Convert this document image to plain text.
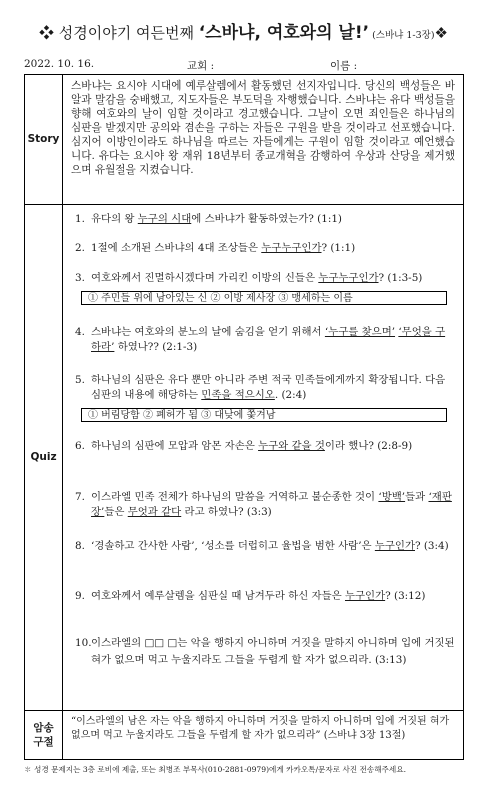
❖ 성경이야기 여든번째 ‘스바냐, 여호와의 날!’ (스바냐 1-3장)❖
2022. 10. 16.	교회 :	이름 :
Story
스바냐는 요시야 시대에 예루살렘에서 활동했던 선지자입니다. 당신의 백성들은 바알과 말감을 숭배했고, 지도자들은 부도덕을 자행했습니다. 스바냐는 유다 백성들을 향해 여호와의 날이 임할 것이라고 경고했습니다. 그날이 오면 죄인들은 하나님의 심판을 받겠지만 공의와 겸손을 구하는 자들은 구원을 받을 것이라고 선포했습니다. 심지어 이방인이라도 하나님을 따르는 자들에게는 구원이 임할 것이라고 예언했습니다. 유다는 요시야 왕 재위 18년부터 종교개혁을 감행하여 우상과 산당을 제거했으며 유월절을 지켰습니다.
Quiz
1. 유다의 왕 누구의 시대에 스바냐가 활동하였는가? (1:1)
2. 1절에 소개된 스바냐의 4대 조상들은 누구누구인가? (1:1)
3. 여호와께서 진멸하시겠다며 가리킨 이방의 신들은 누구누구인가? (1:3-5)
① 주민들 위에 남아있는 신 ② 이방 제사장 ③ 맹세하는 이름
4. 스바냐는 여호와의 분노의 날에 숨김을 얻기 위해서 ‘누구를 찾으며’ ‘무엇을 구하라’ 하였나?? (2:1-3)
5. 하나님의 심판은 유다 뿐만 아니라 주변 적국 민족들에게까지 확장됩니다. 다음 심판의 내용에 해당하는 민족을 적으시오. (2:4)
① 버림당함 ② 폐허가 됨 ③ 대낮에 쫓겨남
6. 하나님의 심판에 모압과 암몬 자손은 누구와 같을 것이라 했나? (2:8-9)
7. 이스라엘 민족 전체가 하나님의 말씀을 거역하고 불순종한 것이 ‘방백’들과 ‘재판장’들은 무엇과 같다 라고 하였나? (3:3)
8. ‘경솔하고 간사한 사람’, ‘성소를 더럽히고 율법을 범한 사람’은 누구인가? (3:4)
9. 여호와께서 예루살렘을 심판실 때 남겨두라 하신 자들은 누구인가? (3:12)
10. 이스라엘의 □□ □는 악을 행하지 아니하며 거짓을 말하지 아니하며 입에 거짓된 혀가 없으며 먹고 누울지라도 그들을 두렵게 할 자가 없으리라. (3:13)
암송
구절
“이스라엘의 남은 자는 악을 행하지 아니하며 거짓을 말하지 아니하며 입에 거짓된 혀가 없으며 먹고 누울지라도 그들을 두렵게 할 자가 없으리라” (스바냐 3장 13절)
✽ 성경 문제지는 3층 로비에 제출, 또는 최병조 부목사(010-2881-0979)에게 카카오톡/문자로 사진 전송해주세요.
